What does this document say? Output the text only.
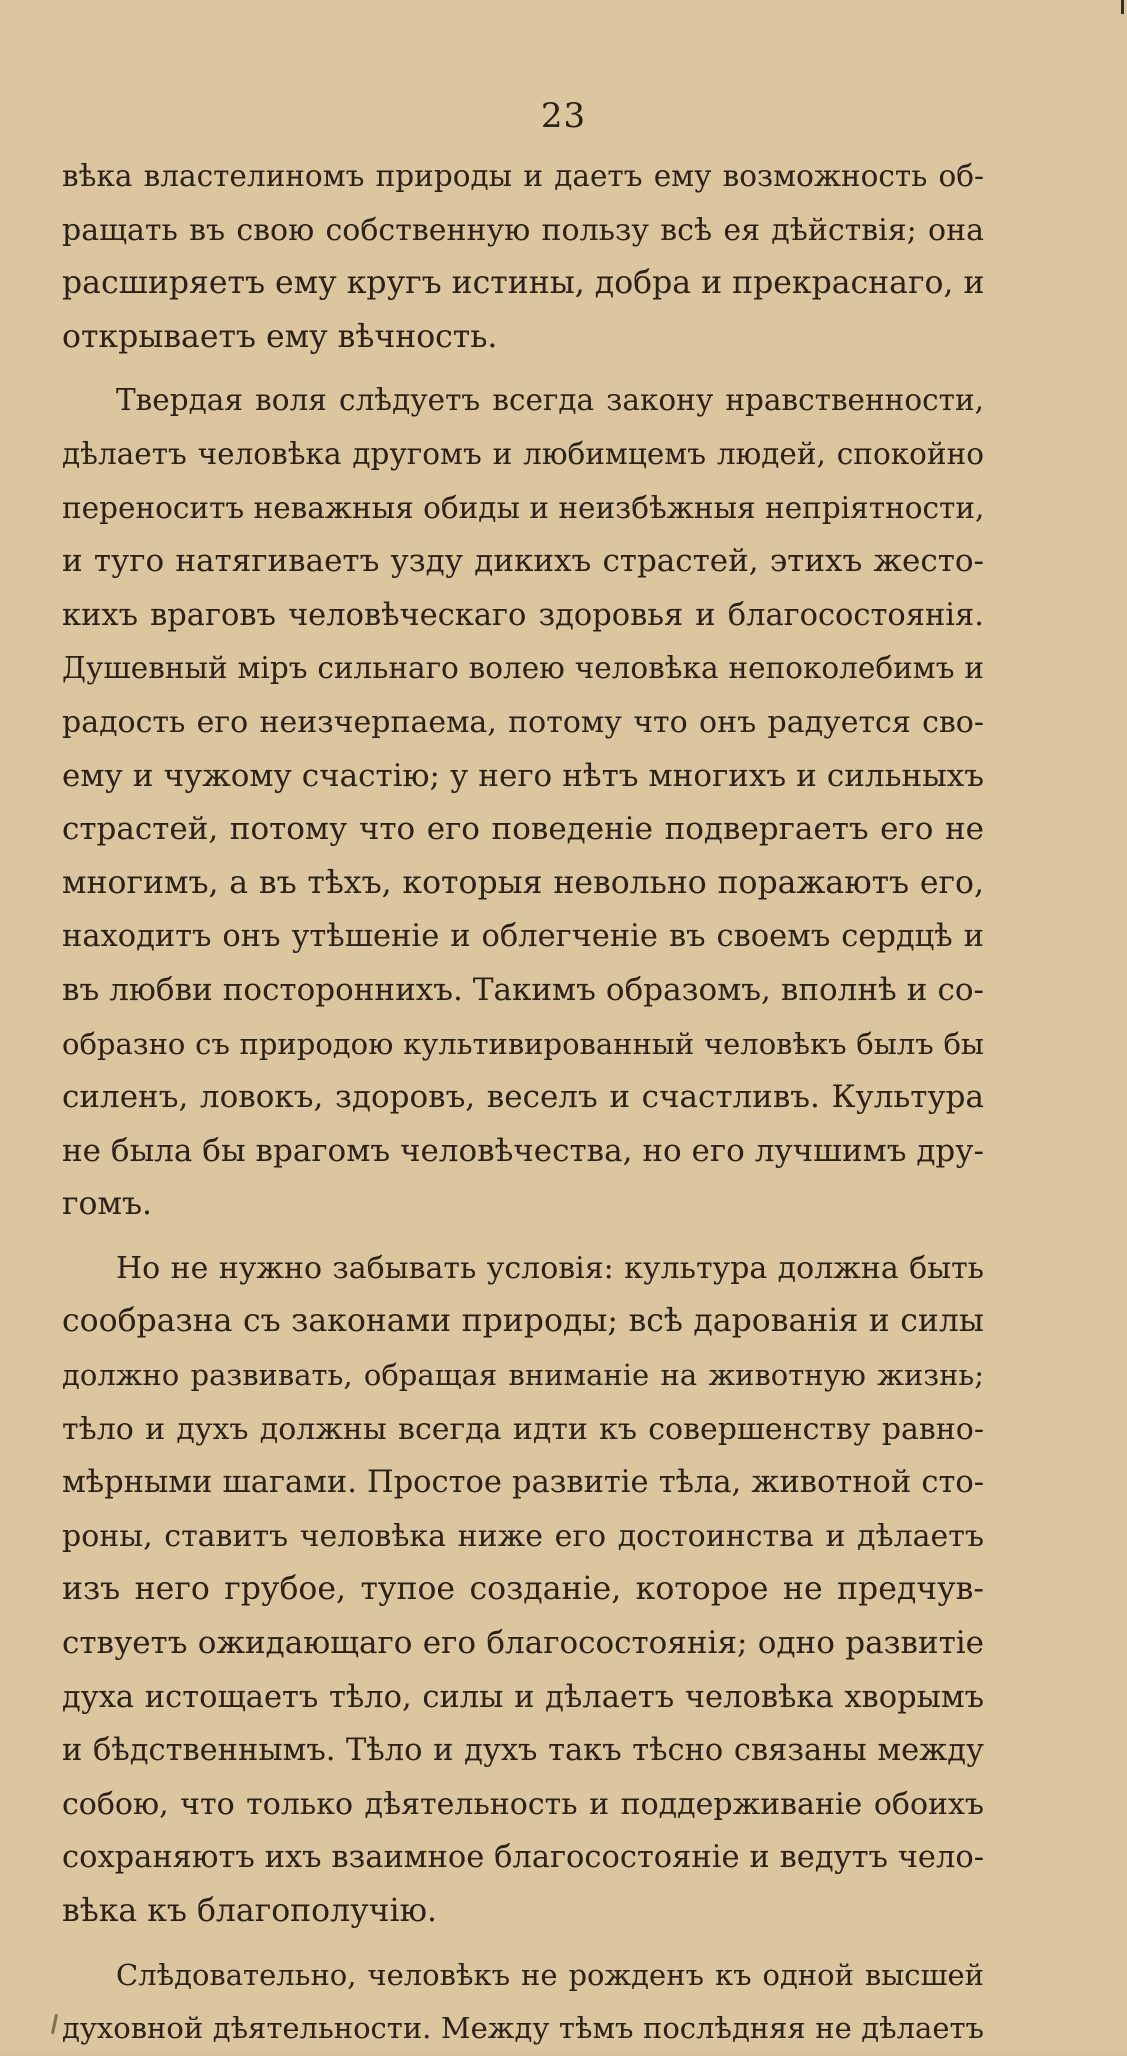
23
вѣка властелиномъ природы и даетъ ему возможность об-
ращать въ свою собственную пользу всѣ ея дѣйствія; она
расширяетъ ему кругъ истины, добра и прекраснаго, и
открываетъ ему вѣчность.
Твердая воля слѣдуетъ всегда закону нравственности,
дѣлаетъ человѣка другомъ и любимцемъ людей, спокойно
переноситъ неважныя обиды и неизбѣжныя непріятности,
и туго натягиваетъ узду дикихъ страстей, этихъ жесто-
кихъ враговъ человѣческаго здоровья и благосостоянія.
Душевный міръ сильнаго волею человѣка непоколебимъ и
радость его неизчерпаема, потому что онъ радуется сво-
ему и чужому счастію; у него нѣтъ многихъ и сильныхъ
страстей, потому что его поведеніе подвергаетъ его не
многимъ, а въ тѣхъ, которыя невольно поражаютъ его,
находитъ онъ утѣшеніе и облегченіе въ своемъ сердцѣ и
въ любви постороннихъ. Такимъ образомъ, вполнѣ и со-
образно съ природою культивированный человѣкъ былъ бы
силенъ, ловокъ, здоровъ, веселъ и счастливъ. Культура
не была бы врагомъ человѣчества, но его лучшимъ дру-
гомъ.
Но не нужно забывать условія: культура должна быть
сообразна съ законами природы; всѣ дарованія и силы
должно развивать, обращая вниманіе на животную жизнь;
тѣло и духъ должны всегда идти къ совершенству равно-
мѣрными шагами. Простое развитіе тѣла, животной сто-
роны, ставитъ человѣка ниже его достоинства и дѣлаетъ
изъ него грубое, тупое созданіе, которое не предчув-
ствуетъ ожидающаго его благосостоянія; одно развитіе
духа истощаетъ тѣло, силы и дѣлаетъ человѣка хворымъ
и бѣдственнымъ. Тѣло и духъ такъ тѣсно связаны между
собою, что только дѣятельность и поддерживаніе обоихъ
сохраняютъ ихъ взаимное благосостояніе и ведутъ чело-
вѣка къ благополучію.
Слѣдовательно, человѣкъ не рожденъ къ одной высшей
духовной дѣятельности. Между тѣмъ послѣдняя не дѣлаетъ
